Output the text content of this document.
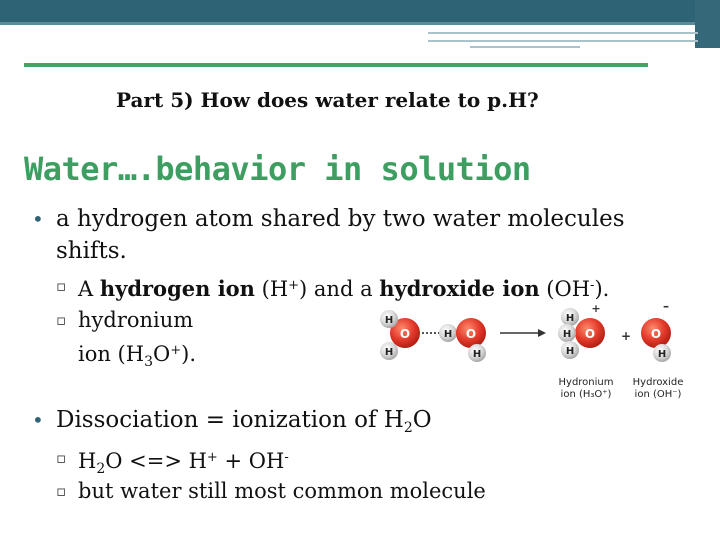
Part 5) How does water relate to p.H?
Water….behavior in solution
• a hydrogen atom shared by two water molecules shifts.
▫ A hydrogen ion (H+) and a hydroxide ion (OH-).
▫ hydronium
ion $(H_3O^+)$.
• Dissociation = ionization of $H_2O$
▫ $H_2O$ <=> H+ + OH-
▫ but water still most common molecule
O
H
H
H O
H
O
H
H
H
+
+ O
H
–
Hydronium
ion (H₃O⁺)
Hydroxide
ion (OH⁻)
